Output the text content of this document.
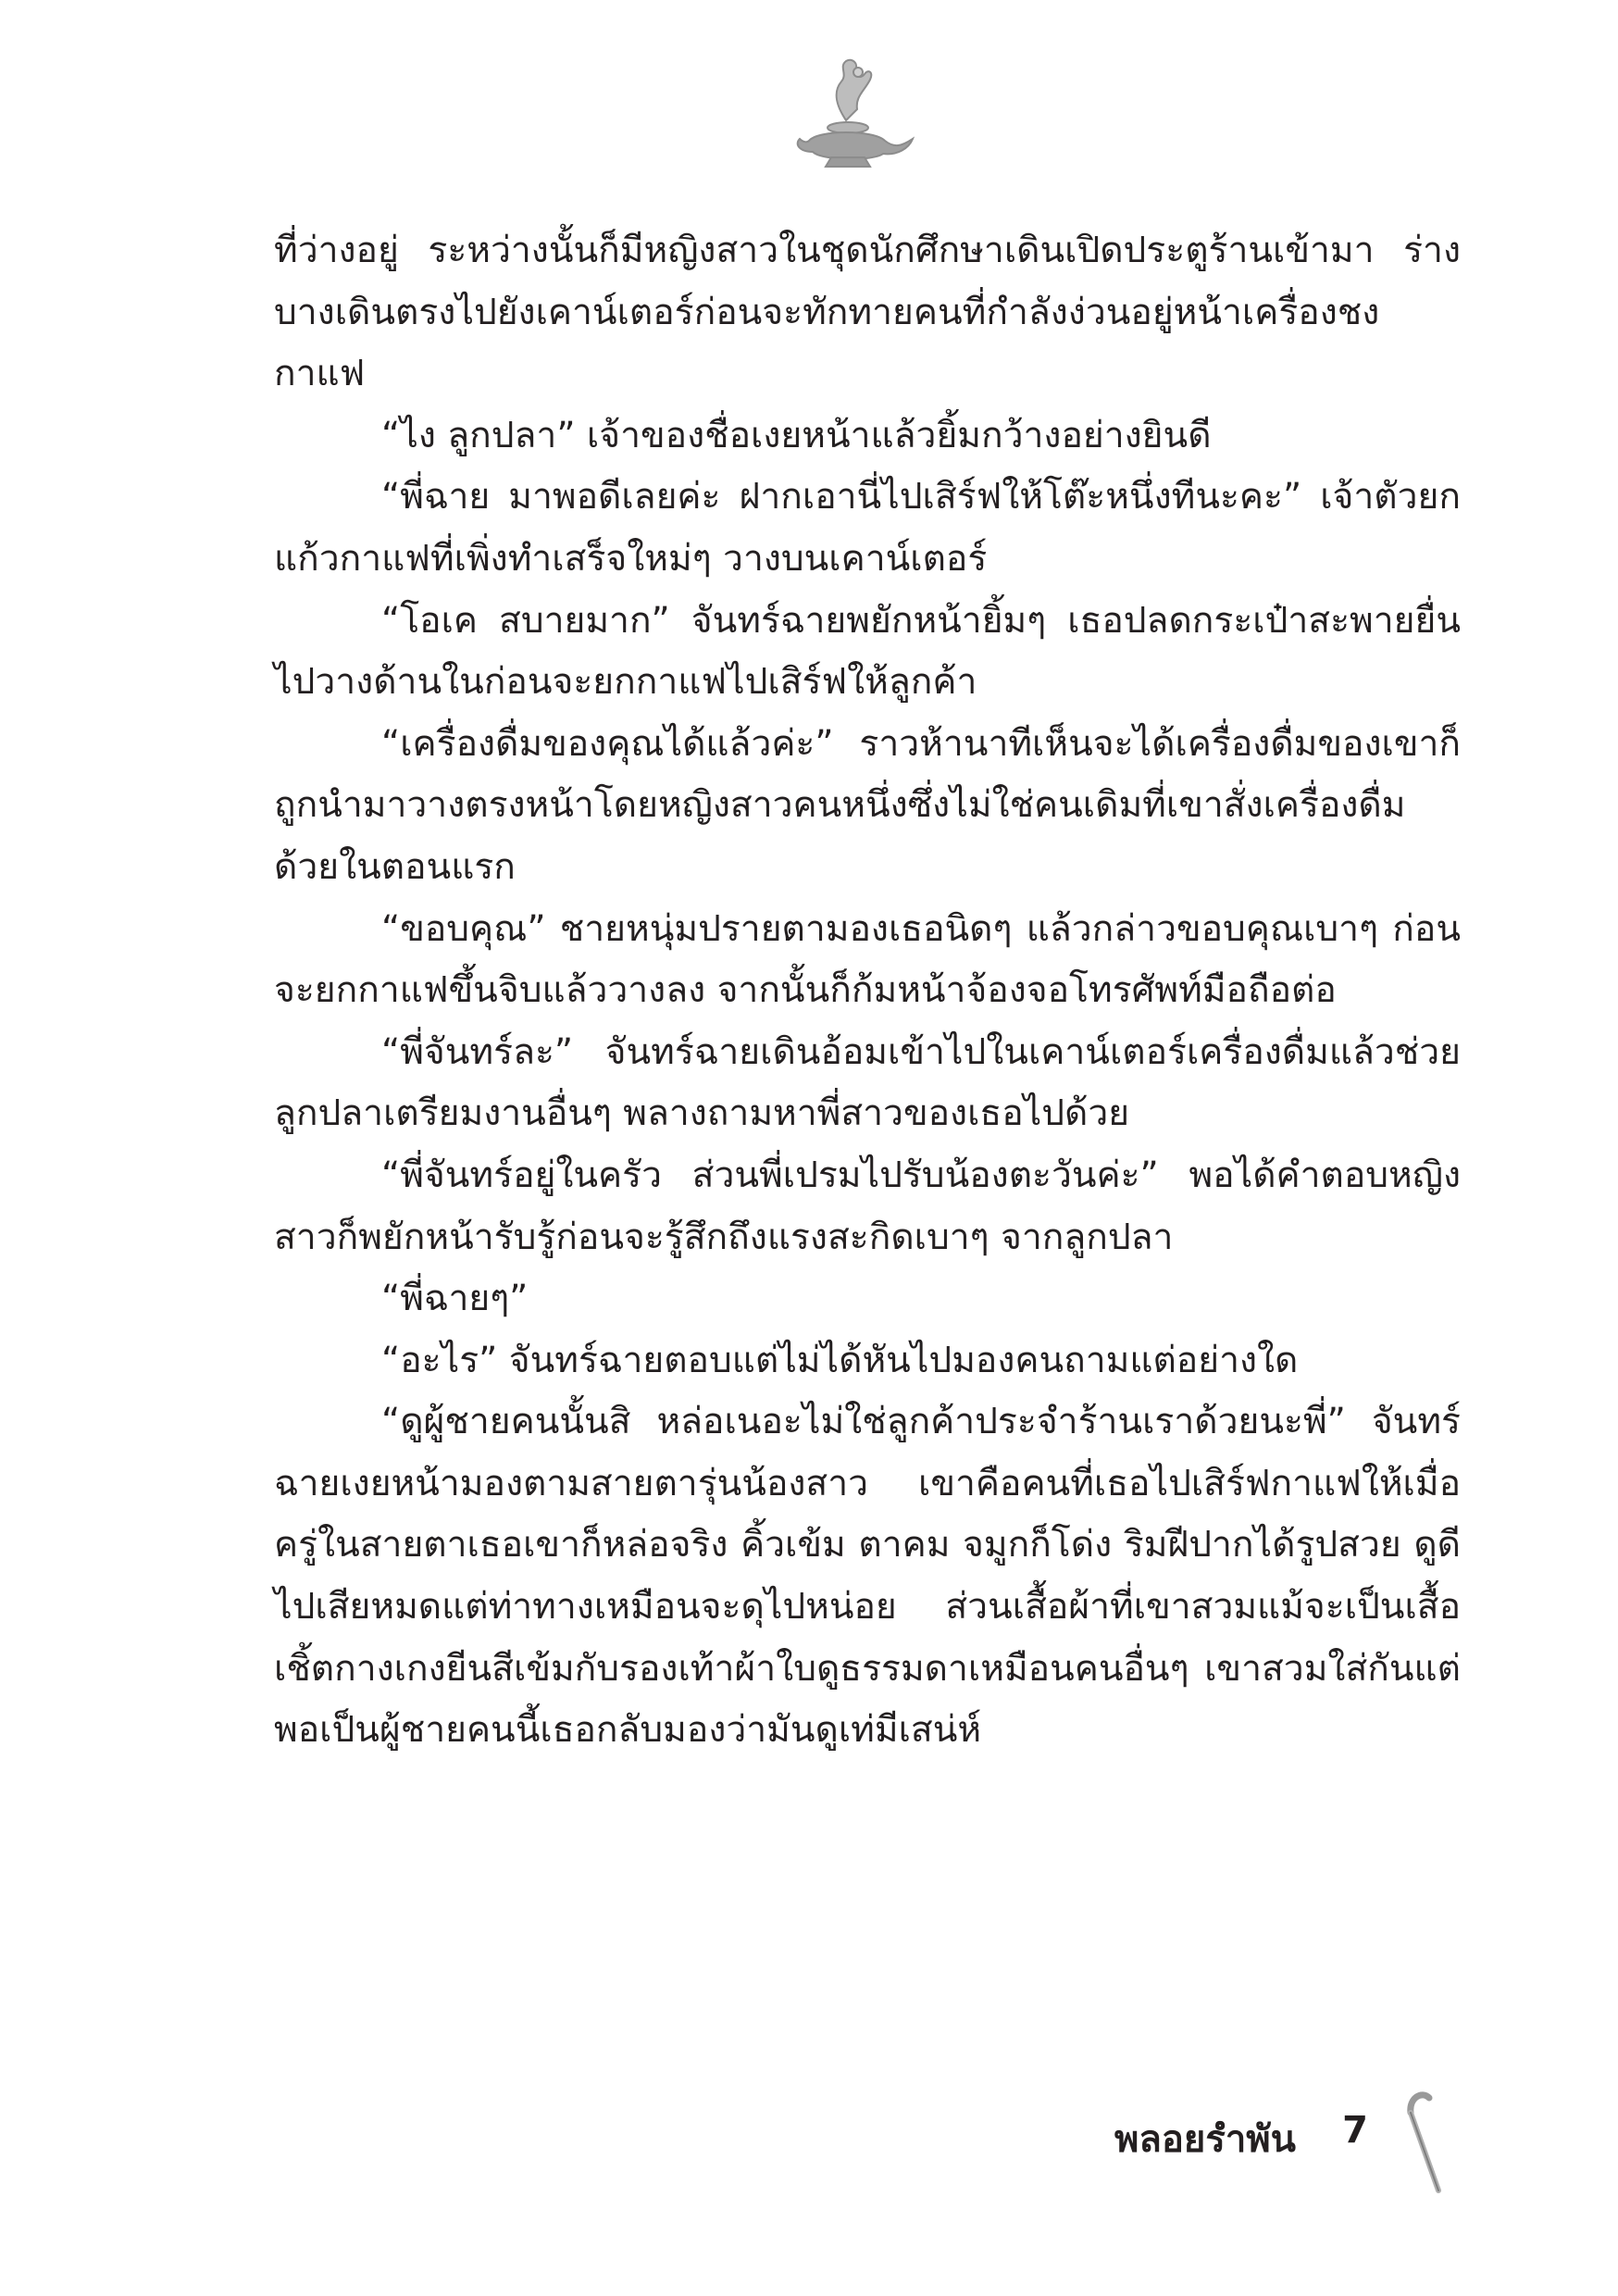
ที่ว่างอยู่ ระหว่างนั้นก็มีหญิงสาวในชุดนักศึกษาเดินเปิดประตูร้านเข้ามา ร่างบางเดินตรงไปยังเคาน์เตอร์ก่อนจะทักทายคนที่กำลังง่วนอยู่หน้าเครื่องชงกาแฟ

“ไง ลูกปลา” เจ้าของชื่อเงยหน้าแล้วยิ้มกว้างอย่างยินดี

“พี่ฉาย มาพอดีเลยค่ะ ฝากเอานี่ไปเสิร์ฟให้โต๊ะหนึ่งทีนะคะ” เจ้าตัวยกแก้วกาแฟที่เพิ่งทำเสร็จใหม่ๆ วางบนเคาน์เตอร์

“โอเค สบายมาก” จันทร์ฉายพยักหน้ายิ้มๆ เธอปลดกระเป๋าสะพายยื่นไปวางด้านในก่อนจะยกกาแฟไปเสิร์ฟให้ลูกค้า

“เครื่องดื่มของคุณได้แล้วค่ะ” ราวห้านาทีเห็นจะได้เครื่องดื่มของเขาก็ถูกนำมาวางตรงหน้าโดยหญิงสาวคนหนึ่งซึ่งไม่ใช่คนเดิมที่เขาสั่งเครื่องดื่มด้วยในตอนแรก

“ขอบคุณ” ชายหนุ่มปรายตามองเธอนิดๆ แล้วกล่าวขอบคุณเบาๆ ก่อนจะยกกาแฟขึ้นจิบแล้ววางลง จากนั้นก็ก้มหน้าจ้องจอโทรศัพท์มือถือต่อ

“พี่จันทร์ละ” จันทร์ฉายเดินอ้อมเข้าไปในเคาน์เตอร์เครื่องดื่มแล้วช่วยลูกปลาเตรียมงานอื่นๆ พลางถามหาพี่สาวของเธอไปด้วย

“พี่จันทร์อยู่ในครัว ส่วนพี่เปรมไปรับน้องตะวันค่ะ” พอได้คำตอบหญิงสาวก็พยักหน้ารับรู้ก่อนจะรู้สึกถึงแรงสะกิดเบาๆ จากลูกปลา

“พี่ฉายๆ”

“อะไร” จันทร์ฉายตอบแต่ไม่ได้หันไปมองคนถามแต่อย่างใด

“ดูผู้ชายคนนั้นสิ หล่อเนอะไม่ใช่ลูกค้าประจำร้านเราด้วยนะพี่” จันทร์ฉายเงยหน้ามองตามสายตารุ่นน้องสาว เขาคือคนที่เธอไปเสิร์ฟกาแฟให้เมื่อครู่ในสายตาเธอเขาก็หล่อจริง คิ้วเข้ม ตาคม จมูกก็โด่ง ริมฝีปากได้รูปสวย ดูดีไปเสียหมดแต่ท่าทางเหมือนจะดุไปหน่อย ส่วนเสื้อผ้าที่เขาสวมแม้จะเป็นเสื้อเชิ้ตกางเกงยีนสีเข้มกับรองเท้าผ้าใบดูธรรมดาเหมือนคนอื่นๆ เขาสวมใส่กันแต่พอเป็นผู้ชายคนนี้เธอกลับมองว่ามันดูเท่มีเสน่ห์

พลอยรำพัน 7
